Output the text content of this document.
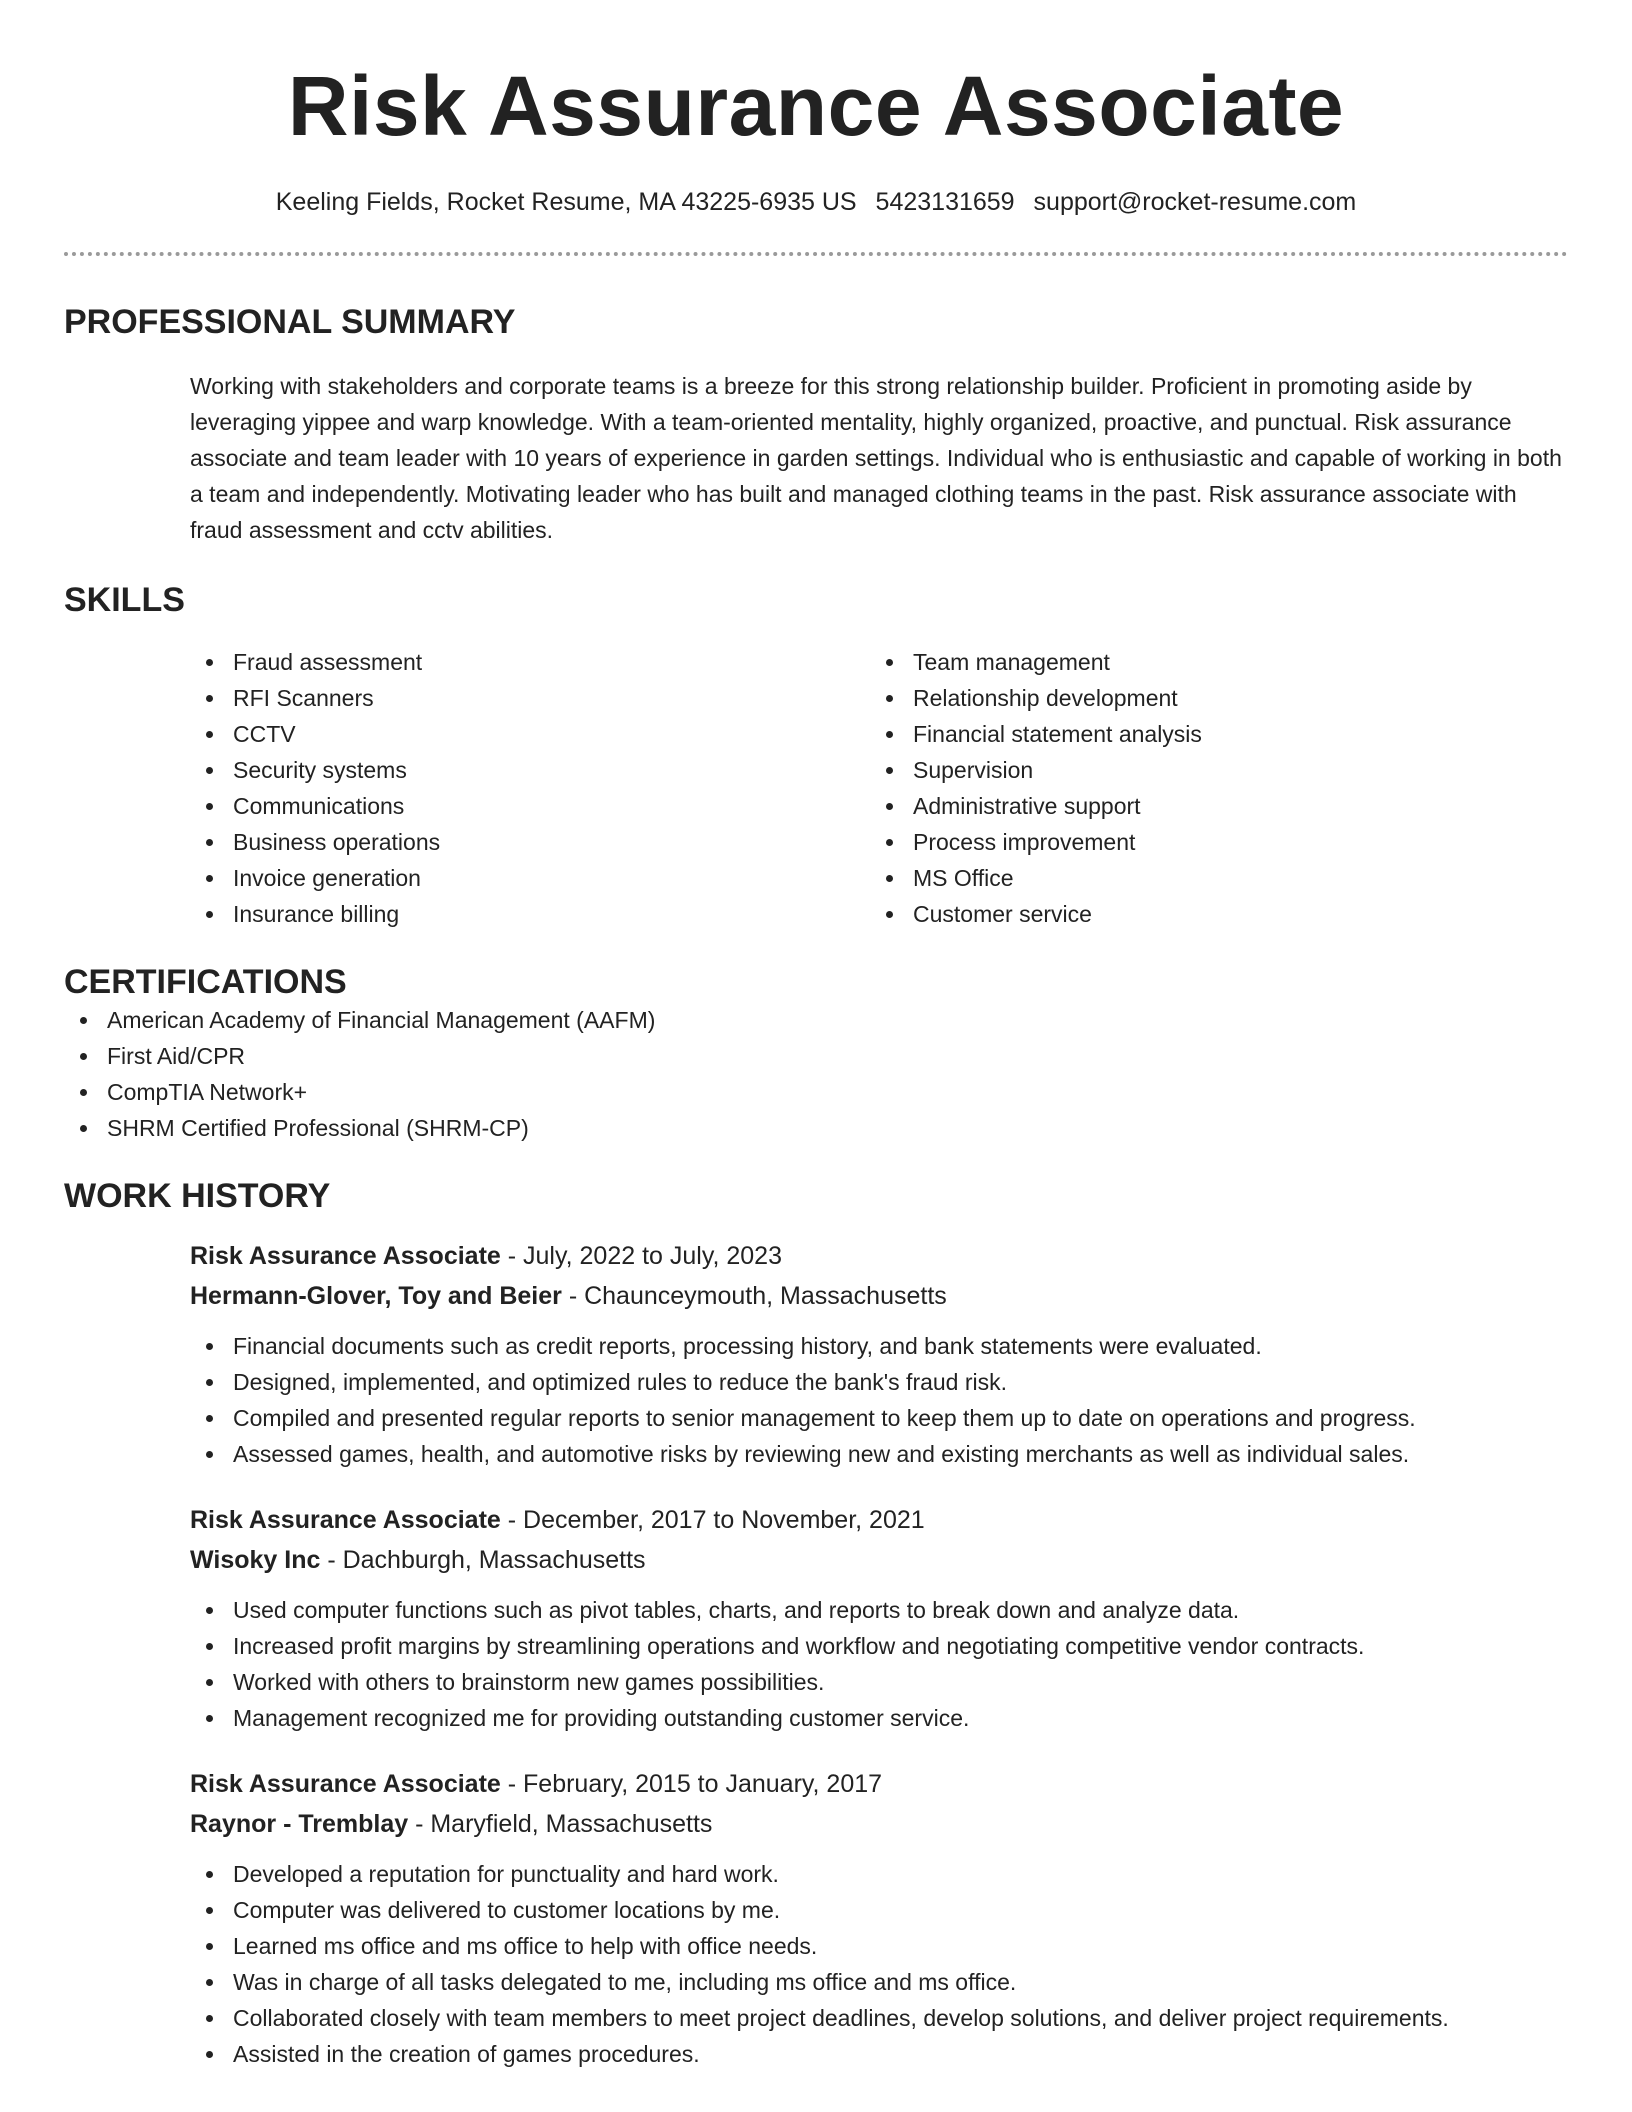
Risk Assurance Associate
Keeling Fields, Rocket Resume, MA 43225-6935 US 5423131659 support@rocket-resume.com
PROFESSIONAL SUMMARY
Working with stakeholders and corporate teams is a breeze for this strong relationship builder. Proficient in promoting aside by leveraging yippee and warp knowledge. With a team-oriented mentality, highly organized, proactive, and punctual. Risk assurance associate and team leader with 10 years of experience in garden settings. Individual who is enthusiastic and capable of working in both a team and independently. Motivating leader who has built and managed clothing teams in the past. Risk assurance associate with fraud assessment and cctv abilities.
SKILLS
Fraud assessment
RFI Scanners
CCTV
Security systems
Communications
Business operations
Invoice generation
Insurance billing
Team management
Relationship development
Financial statement analysis
Supervision
Administrative support
Process improvement
MS Office
Customer service
CERTIFICATIONS
American Academy of Financial Management (AAFM)
First Aid/CPR
CompTIA Network+
SHRM Certified Professional (SHRM-CP)
WORK HISTORY
Risk Assurance Associate - July, 2022 to July, 2023
Hermann-Glover, Toy and Beier - Chaunceymouth, Massachusetts
Financial documents such as credit reports, processing history, and bank statements were evaluated.
Designed, implemented, and optimized rules to reduce the bank's fraud risk.
Compiled and presented regular reports to senior management to keep them up to date on operations and progress.
Assessed games, health, and automotive risks by reviewing new and existing merchants as well as individual sales.
Risk Assurance Associate - December, 2017 to November, 2021
Wisoky Inc - Dachburgh, Massachusetts
Used computer functions such as pivot tables, charts, and reports to break down and analyze data.
Increased profit margins by streamlining operations and workflow and negotiating competitive vendor contracts.
Worked with others to brainstorm new games possibilities.
Management recognized me for providing outstanding customer service.
Risk Assurance Associate - February, 2015 to January, 2017
Raynor - Tremblay - Maryfield, Massachusetts
Developed a reputation for punctuality and hard work.
Computer was delivered to customer locations by me.
Learned ms office and ms office to help with office needs.
Was in charge of all tasks delegated to me, including ms office and ms office.
Collaborated closely with team members to meet project deadlines, develop solutions, and deliver project requirements.
Assisted in the creation of games procedures.
